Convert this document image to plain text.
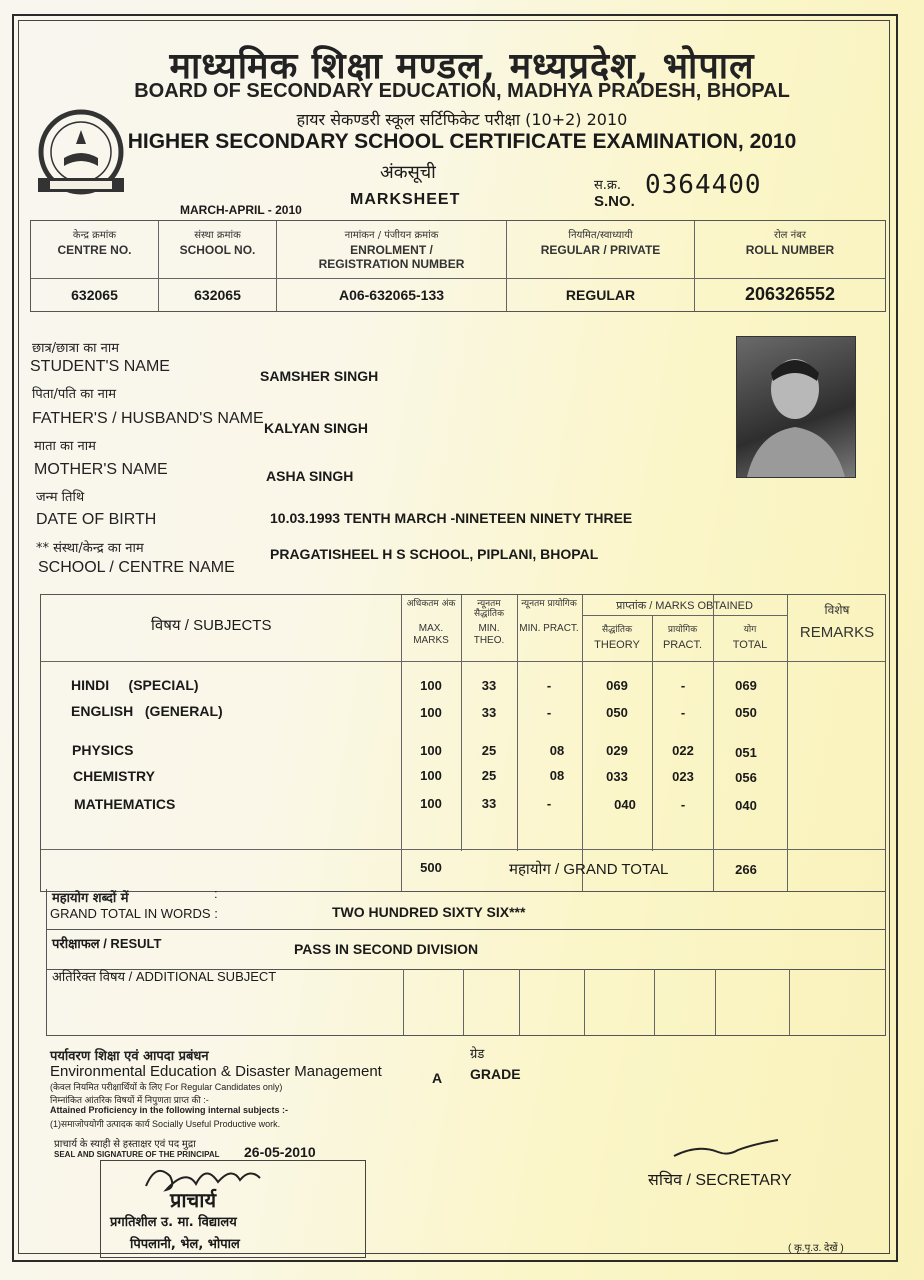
माध्यमिक शिक्षा मण्डल, मध्यप्रदेश, भोपाल
BOARD OF SECONDARY EDUCATION, MADHYA PRADESH, BHOPAL
हायर सेकण्डरी स्कूल सर्टिफिकेट परीक्षा (10+2) 2010
HIGHER SECONDARY SCHOOL CERTIFICATE EXAMINATION, 2010
अंकसूची
MARKSHEET
MARCH-APRIL - 2010
स.क्र.
S.NO.
0364400
केन्द्र क्रमांक
CENTRE NO.
632065
संस्था क्रमांक
SCHOOL NO.
632065
नामांकन / पंजीयन क्रमांक
ENROLMENT / REGISTRATION NUMBER
A06-632065-133
नियमित/स्वाध्यायी
REGULAR / PRIVATE
REGULAR
रोल नंबर
ROLL NUMBER
206326552
छात्र/छात्रा का नाम
STUDENT'S NAME
SAMSHER SINGH
पिता/पति का नाम
FATHER'S / HUSBAND'S NAME
KALYAN SINGH
माता का नाम
MOTHER'S NAME	ASHA SINGH
जन्म तिथि
DATE OF BIRTH	10.03.1993 TENTH MARCH -NINETEEN NINETY THREE
** संस्था/केन्द्र का नाम
SCHOOL / CENTRE NAME
PRAGATISHEEL H S SCHOOL, PIPLANI, BHOPAL
विषय / SUBJECTS
अधिकतम अंक
MAX. MARKS
न्यूनतम सैद्धांतिक
MIN. THEO.
न्यूनतम प्रायोगिक
MIN. PRACT.
प्राप्तांक / MARKS OBTAINED
सैद्धांतिक
THEORY
प्रायोगिक
PRACT.
योग
TOTAL
विशेष
REMARKS
HINDI     (SPECIAL)	100	33	-	069	-	069
ENGLISH   (GENERAL)	100	33	-	050	-	050
PHYSICS	100	25	08	029	022	051
CHEMISTRY	100	25	08	033	023	056
MATHEMATICS	100	33	-	040	-	040
500	महायोग / GRAND TOTAL	266
महायोग शब्दों में	:
GRAND TOTAL IN WORDS :	TWO HUNDRED SIXTY SIX***
परीक्षाफल / RESULT	PASS IN SECOND DIVISION
अतिरिक्त विषय / ADDITIONAL SUBJECT
पर्यावरण शिक्षा एवं आपदा प्रबंधन
Environmental Education & Disaster Management	A
ग्रेड
GRADE
(केवल नियमित परीक्षार्थियों के लिए For Regular Candidates only)
निम्नांकित आंतरिक विषयों में निपुणता प्राप्त की :-
Attained Proficiency in the following internal subjects :-
(1)समाजोपयोगी उत्पादक कार्य Socially Useful Productive work.
प्राचार्य के स्याही से हस्ताक्षर एवं पद मुद्रा
SEAL AND SIGNATURE OF THE PRINCIPAL 26-05-2010
प्राचार्य
प्रगतिशील उ. मा. विद्यालय
पिपलानी, भेल, भोपाल
सचिव / SECRETARY
( कृ.पृ.उ. देखें )
